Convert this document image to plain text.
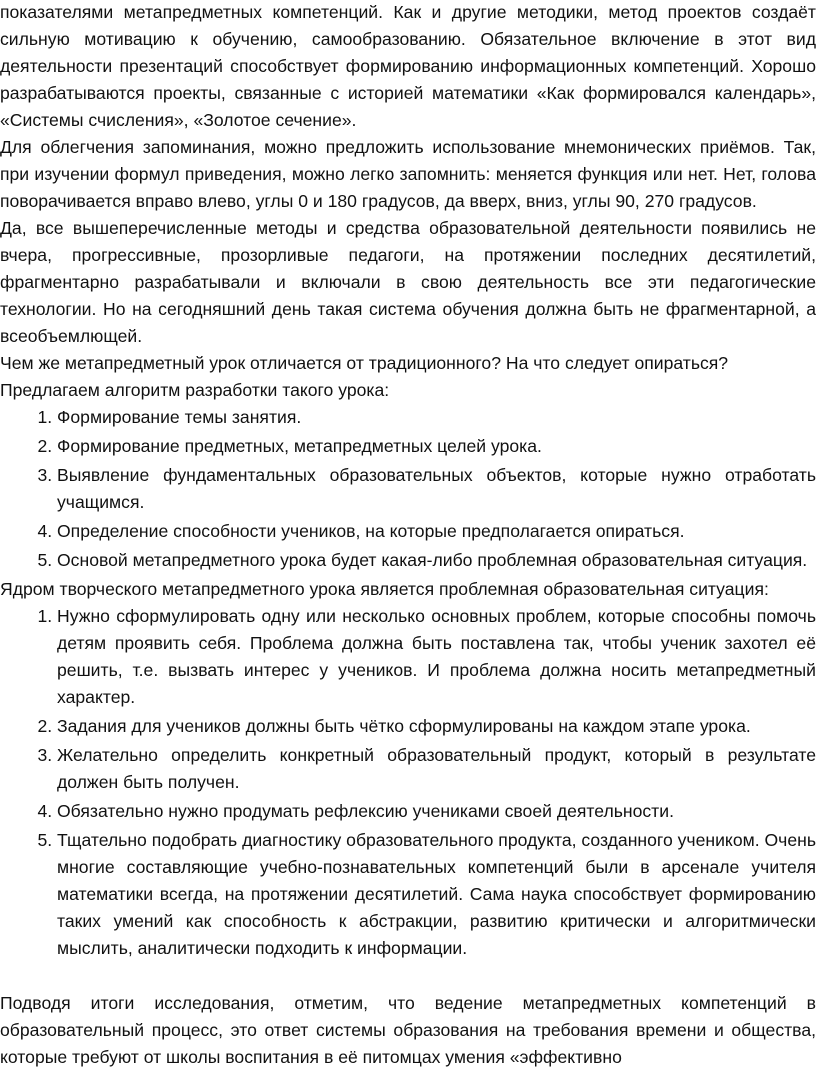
показателями метапредметных компетенций. Как и другие методики, метод проектов создаёт сильную мотивацию к обучению, самообразованию. Обязательное включение в этот вид деятельности презентаций способствует формированию информационных компетенций. Хорошо разрабатываются проекты, связанные с историей математики «Как формировался календарь», «Системы счисления», «Золотое сечение».

Для облегчения запоминания, можно предложить использование мнемонических приёмов. Так, при изучении формул приведения, можно легко запомнить: меняется функция или нет. Нет, голова поворачивается вправо влево, углы 0 и 180 градусов, да вверх, вниз, углы 90, 270 градусов.

Да, все вышеперечисленные методы и средства образовательной деятельности появились не вчера, прогрессивные, прозорливые педагоги, на протяжении последних десятилетий, фрагментарно разрабатывали и включали в свою деятельность все эти педагогические технологии. Но на сегодняшний день такая система обучения должна быть не фрагментарной, а всеобъемлющей.

Чем же метапредметный урок отличается от традиционного? На что следует опираться?

Предлагаем алгоритм разработки такого урока:

1. Формирование темы занятия.
2. Формирование предметных, метапредметных целей урока.
3. Выявление фундаментальных образовательных объектов, которые нужно отработать учащимся.
4. Определение способности учеников, на которые предполагается опираться.
5. Основой метапредметного урока будет какая-либо проблемная образовательная ситуация.

Ядром творческого метапредметного урока является проблемная образовательная ситуация:

1. Нужно сформулировать одну или несколько основных проблем, которые способны помочь детям проявить себя. Проблема должна быть поставлена так, чтобы ученик захотел её решить, т.е. вызвать интерес у учеников. И проблема должна носить метапредметный характер.
2. Задания для учеников должны быть чётко сформулированы на каждом этапе урока.
3. Желательно определить конкретный образовательный продукт, который в результате должен быть получен.
4. Обязательно нужно продумать рефлексию учениками своей деятельности.
5. Тщательно подобрать диагностику образовательного продукта, созданного учеником. Очень многие составляющие учебно-познавательных компетенций были в арсенале учителя математики всегда, на протяжении десятилетий. Сама наука способствует формированию таких умений как способность к абстракции, развитию критически и алгоритмически мыслить, аналитически подходить к информации.

Подводя итоги исследования, отметим, что ведение метапредметных компетенций в образовательный процесс, это ответ системы образования на требования времени и общества, которые требуют от школы воспитания в её питомцах умения «эффективно
